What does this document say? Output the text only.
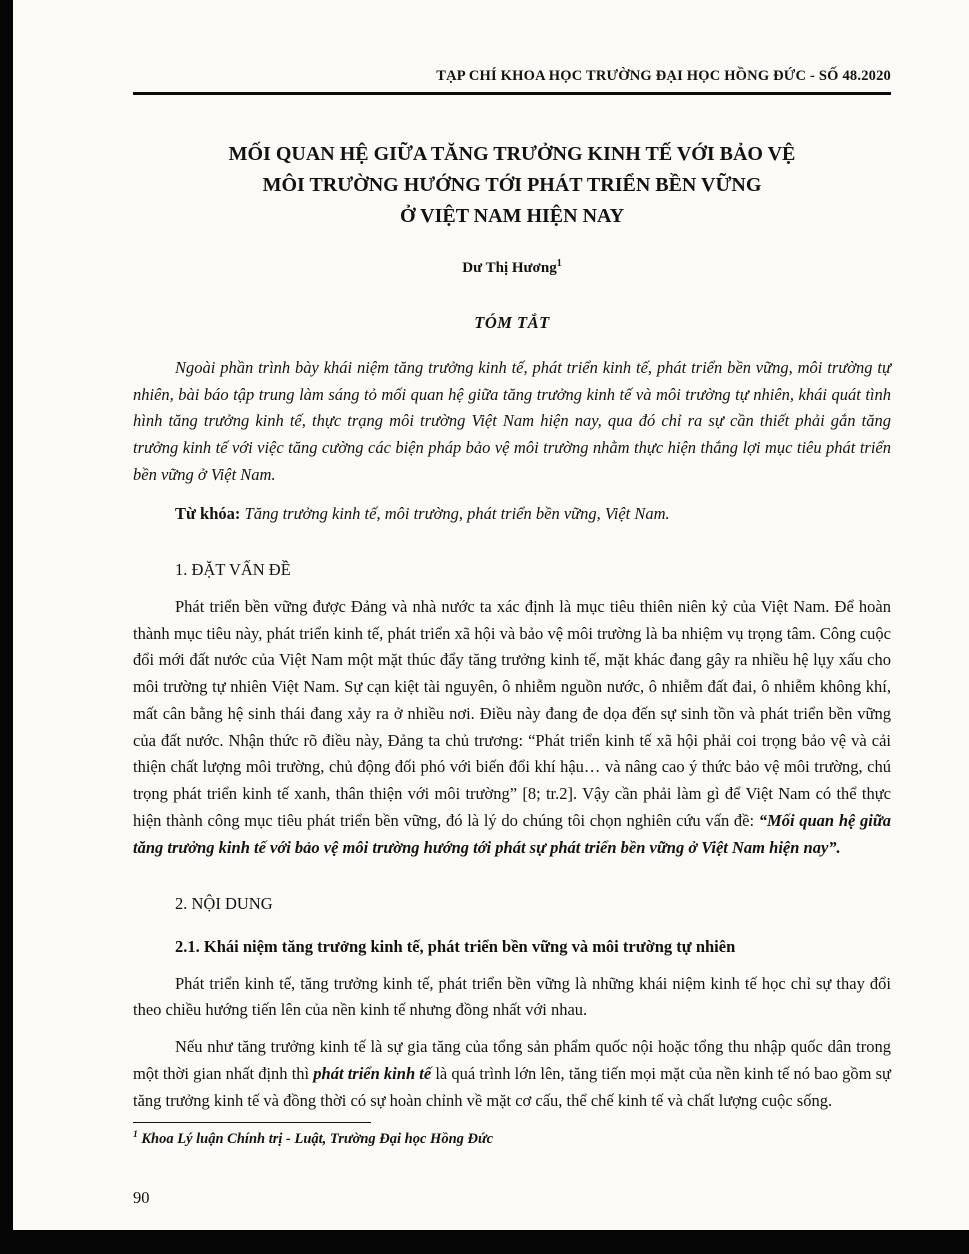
TẠP CHÍ KHOA HỌC TRƯỜNG ĐẠI HỌC HỒNG ĐỨC - SỐ 48.2020
MỐI QUAN HỆ GIỮA TĂNG TRƯỞNG KINH TẾ VỚI BẢO VỆ
MÔI TRƯỜNG HƯỚNG TỚI PHÁT TRIỂN BỀN VỮNG
Ở VIỆT NAM HIỆN NAY
Dư Thị Hương$^1$
TÓM TẮT

Ngoài phần trình bày khái niệm tăng trưởng kinh tế, phát triển kinh tế, phát triển bền vững, môi trường tự nhiên, bài báo tập trung làm sáng tỏ mối quan hệ giữa tăng trưởng kinh tế và môi trường tự nhiên, khái quát tình hình tăng trưởng kinh tế, thực trạng môi trường Việt Nam hiện nay, qua đó chỉ ra sự cần thiết phải gắn tăng trưởng kinh tế với việc tăng cường các biện pháp bảo vệ môi trường nhằm thực hiện thắng lợi mục tiêu phát triển bền vững ở Việt Nam.

Từ khóa: Tăng trưởng kinh tế, môi trường, phát triển bền vững, Việt Nam.

1. ĐẶT VẤN ĐỀ

Phát triển bền vững được Đảng và nhà nước ta xác định là mục tiêu thiên niên kỷ của Việt Nam. Để hoàn thành mục tiêu này, phát triển kinh tế, phát triển xã hội và bảo vệ môi trường là ba nhiệm vụ trọng tâm. Công cuộc đổi mới đất nước của Việt Nam một mặt thúc đẩy tăng trưởng kinh tế, mặt khác đang gây ra nhiều hệ lụy xấu cho môi trường tự nhiên Việt Nam. Sự cạn kiệt tài nguyên, ô nhiễm nguồn nước, ô nhiễm đất đai, ô nhiễm không khí, mất cân bằng hệ sinh thái đang xảy ra ở nhiều nơi. Điều này đang đe dọa đến sự sinh tồn và phát triển bền vững của đất nước. Nhận thức rõ điều này, Đảng ta chủ trương: “Phát triển kinh tế xã hội phải coi trọng bảo vệ và cải thiện chất lượng môi trường, chủ động đối phó với biến đổi khí hậu… và nâng cao ý thức bảo vệ môi trường, chú trọng phát triển kinh tế xanh, thân thiện với môi trường” [8; tr.2]. Vậy cần phải làm gì để Việt Nam có thể thực hiện thành công mục tiêu phát triển bền vững, đó là lý do chúng tôi chọn nghiên cứu vấn đề: “Mối quan hệ giữa tăng trưởng kinh tế với bảo vệ môi trường hướng tới phát sự phát triển bền vững ở Việt Nam hiện nay”.

2. NỘI DUNG

2.1. Khái niệm tăng trưởng kinh tế, phát triển bền vững và môi trường tự nhiên

Phát triển kinh tế, tăng trưởng kinh tế, phát triển bền vững là những khái niệm kinh tế học chỉ sự thay đổi theo chiều hướng tiến lên của nền kinh tế nhưng đồng nhất với nhau.

Nếu như tăng trưởng kinh tế là sự gia tăng của tổng sản phẩm quốc nội hoặc tổng thu nhập quốc dân trong một thời gian nhất định thì phát triển kinh tế là quá trình lớn lên, tăng tiến mọi mặt của nền kinh tế nó bao gồm sự tăng trưởng kinh tế và đồng thời có sự hoàn chỉnh về mặt cơ cấu, thể chế kinh tế và chất lượng cuộc sống.

$^1$ Khoa Lý luận Chính trị - Luật, Trường Đại học Hồng Đức
90
